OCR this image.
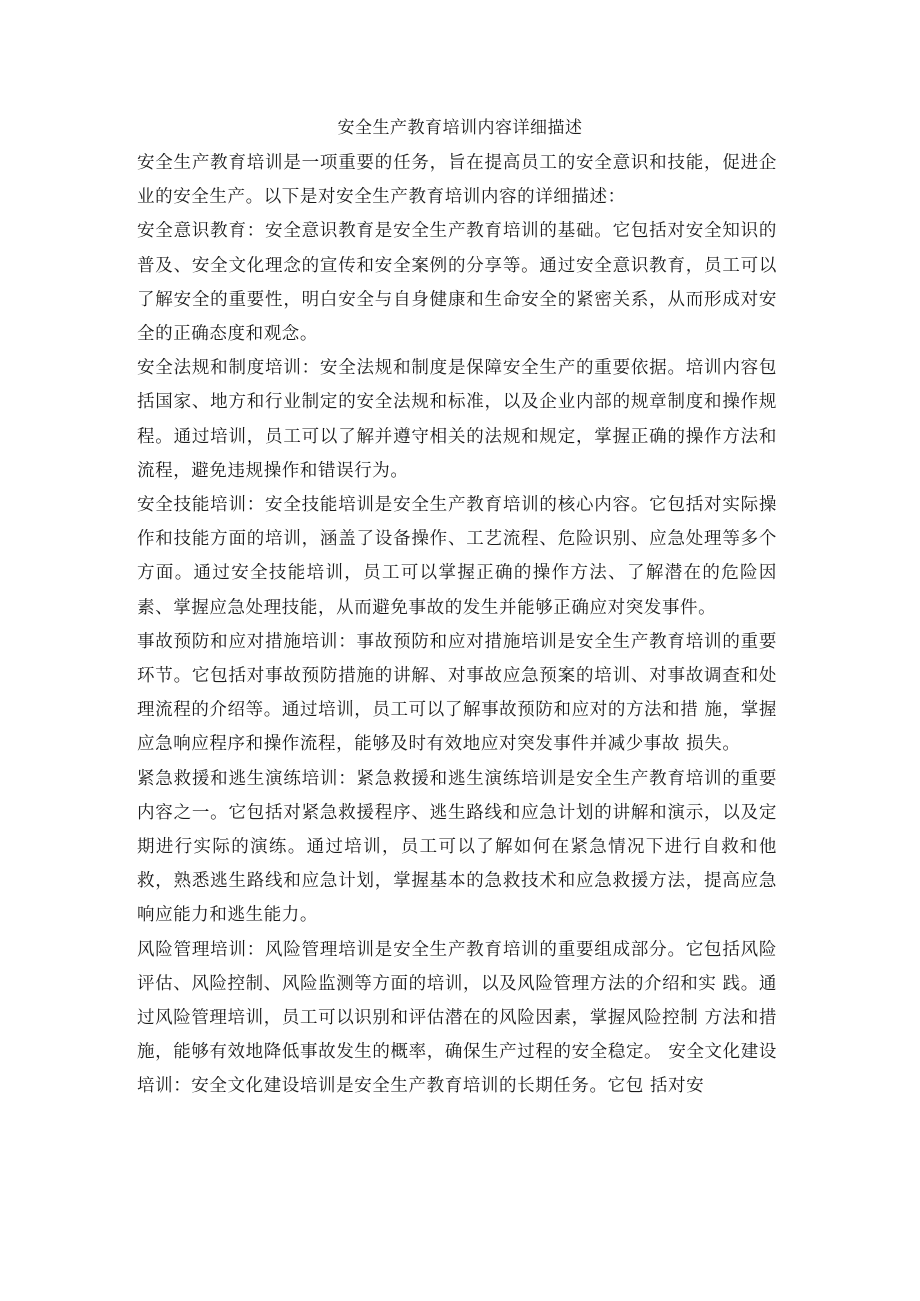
安全生产教育培训内容详细描述

安全生产教育培训是一项重要的任务，旨在提高员工的安全意识和技能，促进企业的安全生产。以下是对安全生产教育培训内容的详细描述：

安全意识教育：安全意识教育是安全生产教育培训的基础。它包括对安全知识的普及、安全文化理念的宣传和安全案例的分享等。通过安全意识教育，员工可以了解安全的重要性，明白安全与自身健康和生命安全的紧密关系，从而形成对安全的正确态度和观念。

安全法规和制度培训：安全法规和制度是保障安全生产的重要依据。培训内容包括国家、地方和行业制定的安全法规和标准，以及企业内部的规章制度和操作规程。通过培训，员工可以了解并遵守相关的法规和规定，掌握正确的操作方法和流程，避免违规操作和错误行为。

安全技能培训：安全技能培训是安全生产教育培训的核心内容。它包括对实际操作和技能方面的培训，涵盖了设备操作、工艺流程、危险识别、应急处理等多个方面。通过安全技能培训，员工可以掌握正确的操作方法、了解潜在的危险因素、掌握应急处理技能，从而避免事故的发生并能够正确应对突发事件。

事故预防和应对措施培训：事故预防和应对措施培训是安全生产教育培训的重要环节。它包括对事故预防措施的讲解、对事故应急预案的培训、对事故调查和处理流程的介绍等。通过培训，员工可以了解事故预防和应对的方法和措 施，掌握应急响应程序和操作流程，能够及时有效地应对突发事件并减少事故 损失。

紧急救援和逃生演练培训：紧急救援和逃生演练培训是安全生产教育培训的重要内容之一。它包括对紧急救援程序、逃生路线和应急计划的讲解和演示，以及定期进行实际的演练。通过培训，员工可以了解如何在紧急情况下进行自救和他救，熟悉逃生路线和应急计划，掌握基本的急救技术和应急救援方法，提高应急响应能力和逃生能力。

风险管理培训：风险管理培训是安全生产教育培训的重要组成部分。它包括风险评估、风险控制、风险监测等方面的培训，以及风险管理方法的介绍和实 践。通过风险管理培训，员工可以识别和评估潜在的风险因素，掌握风险控制 方法和措施，能够有效地降低事故发生的概率，确保生产过程的安全稳定。 安全文化建设培训：安全文化建设培训是安全生产教育培训的长期任务。它包 括对安
